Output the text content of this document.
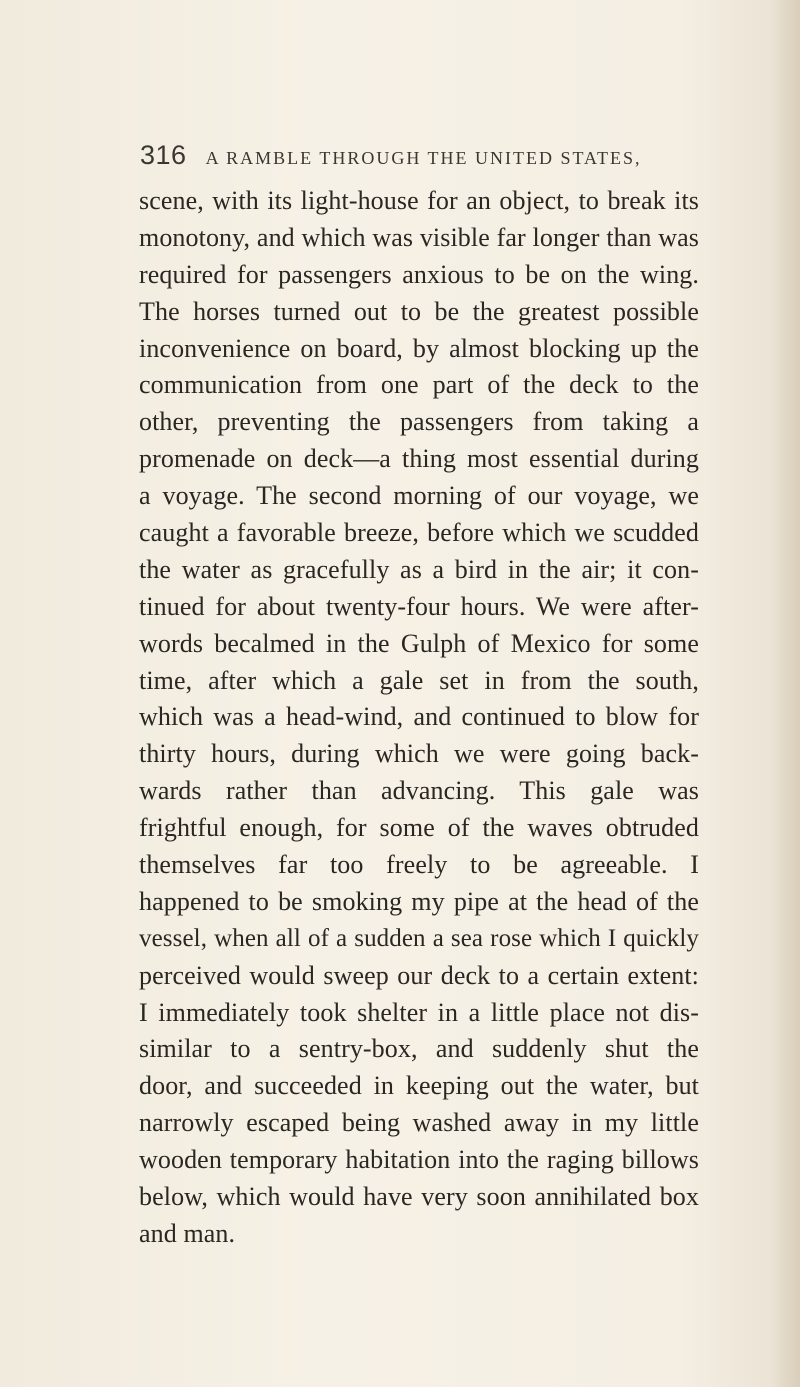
316 A RAMBLE THROUGH THE UNITED STATES,
scene, with its light-house for an object, to break its
monotony, and which was visible far longer than was
required for passengers anxious to be on the wing.
The horses turned out to be the greatest possible
inconvenience on board, by almost blocking up the
communication from one part of the deck to the
other, preventing the passengers from taking a
promenade on deck—a thing most essential during
a voyage. The second morning of our voyage, we
caught a favorable breeze, before which we scudded
the water as gracefully as a bird in the air; it con-
tinued for about twenty-four hours. We were after-
words becalmed in the Gulph of Mexico for some
time, after which a gale set in from the south,
which was a head-wind, and continued to blow for
thirty hours, during which we were going back-
wards rather than advancing. This gale was
frightful enough, for some of the waves obtruded
themselves far too freely to be agreeable. I
happened to be smoking my pipe at the head of the
vessel, when all of a sudden a sea rose which I quickly
perceived would sweep our deck to a certain extent:
I immediately took shelter in a little place not dis-
similar to a sentry-box, and suddenly shut the
door, and succeeded in keeping out the water, but
narrowly escaped being washed away in my little
wooden temporary habitation into the raging billows
below, which would have very soon annihilated box
and man.
